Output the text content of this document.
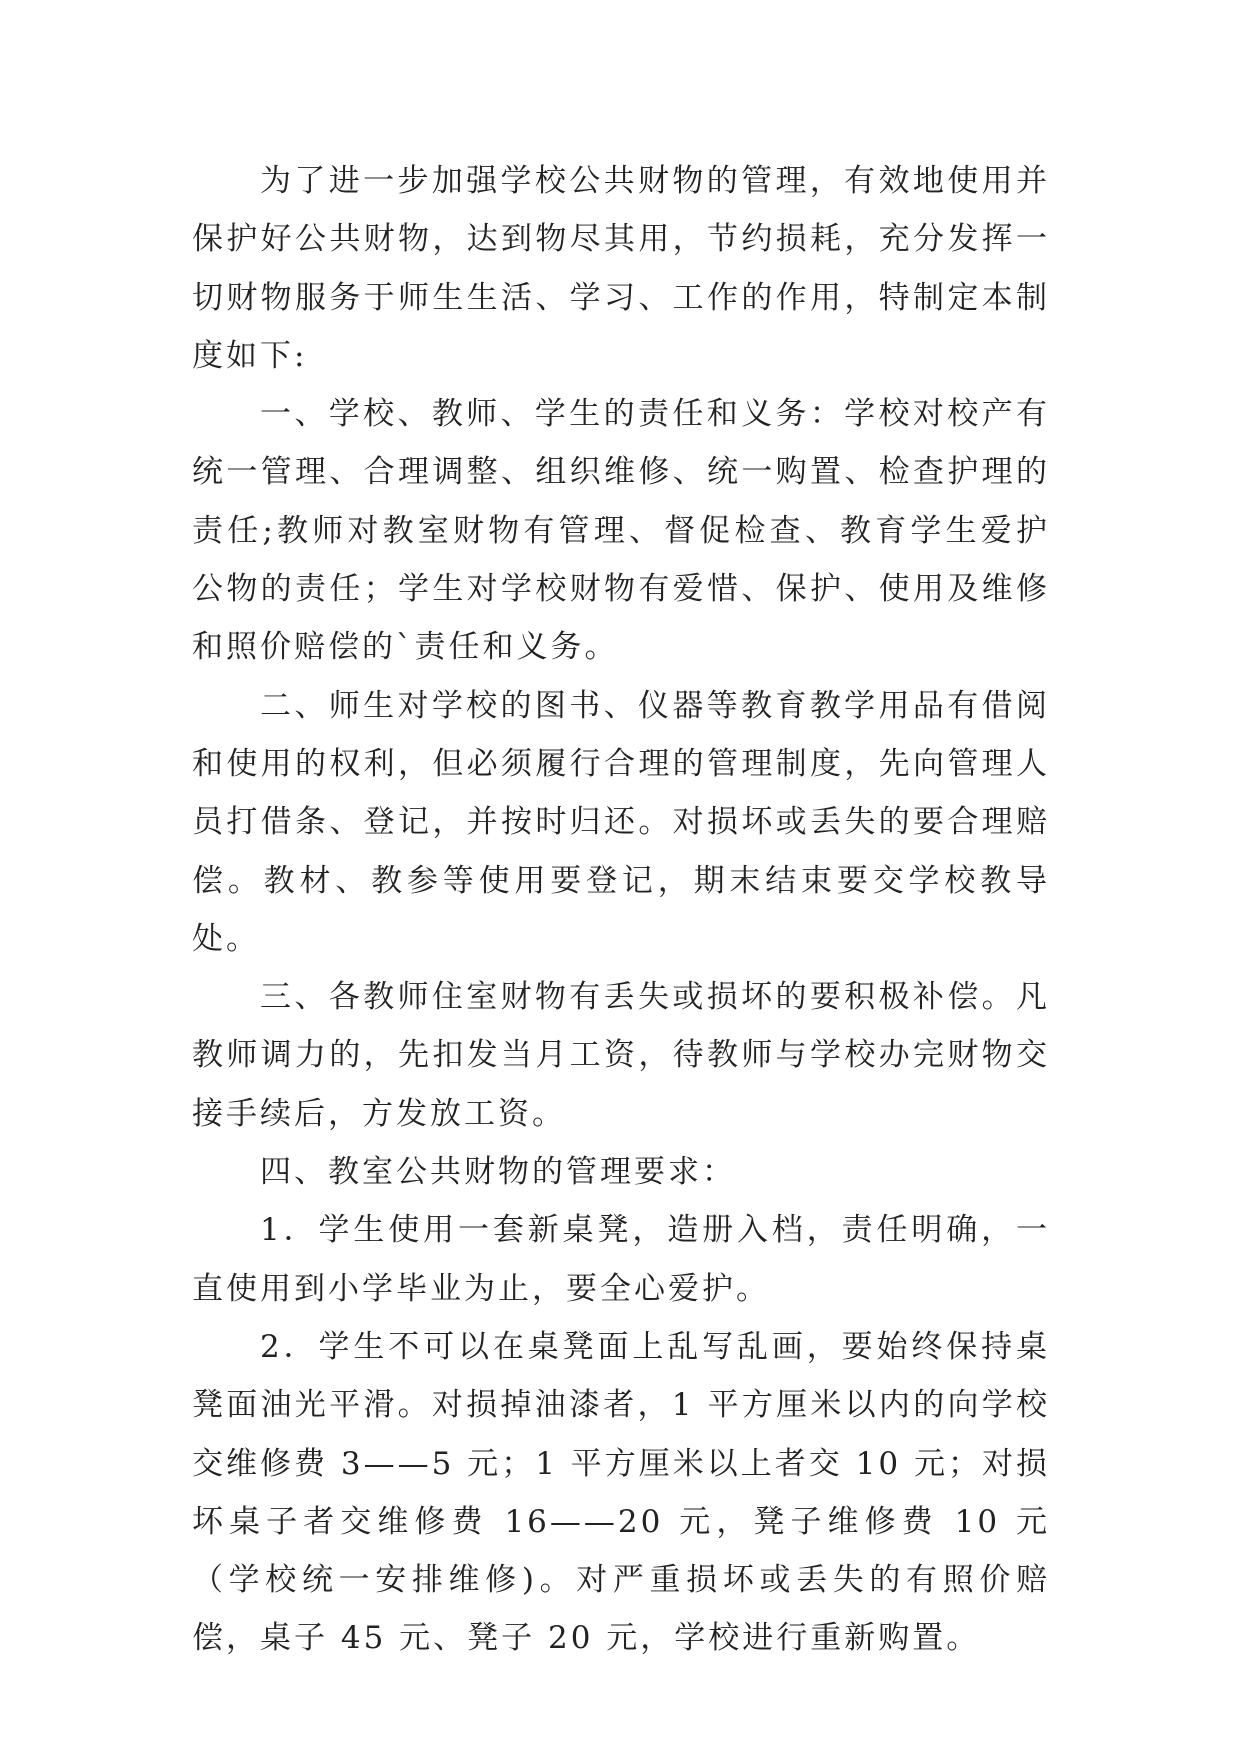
为了进一步加强学校公共财物的管理，有效地使用并保护好公共财物，达到物尽其用，节约损耗，充分发挥一切财物服务于师生生活、学习、工作的作用，特制定本制度如下:

一、学校、教师、学生的责任和义务：学校对校产有统一管理、合理调整、组织维修、统一购置、检查护理的责任;教师对教室财物有管理、督促检查、教育学生爱护公物的责任；学生对学校财物有爱惜、保护、使用及维修和照价赔偿的`责任和义务。

二、师生对学校的图书、仪器等教育教学用品有借阅和使用的权利，但必须履行合理的管理制度，先向管理人员打借条、登记，并按时归还。对损坏或丢失的要合理赔偿。教材、教参等使用要登记，期末结束要交学校教导处。

三、各教师住室财物有丢失或损坏的要积极补偿。凡教师调力的，先扣发当月工资，待教师与学校办完财物交接手续后，方发放工资。

四、教室公共财物的管理要求：

1．学生使用一套新桌凳，造册入档，责任明确，一直使用到小学毕业为止，要全心爱护。

2．学生不可以在桌凳面上乱写乱画，要始终保持桌凳面油光平滑。对损掉油漆者，1 平方厘米以内的向学校交维修费 3——5 元；1 平方厘米以上者交 10 元；对损坏桌子者交维修费 16——20 元，凳子维修费 10 元（学校统一安排维修)。对严重损坏或丢失的有照价赔偿，桌子 45 元、凳子 20 元，学校进行重新购置。
